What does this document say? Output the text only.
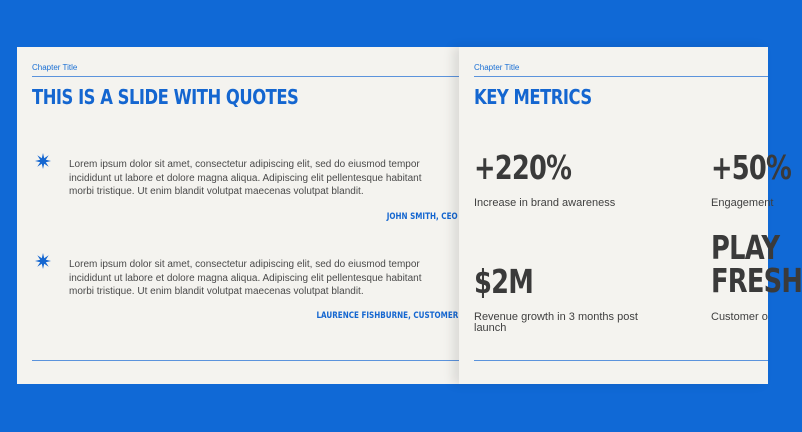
Chapter Title
THIS IS A SLIDE WITH QUOTES
Lorem ipsum dolor sit amet, consectetur adipiscing elit, sed do eiusmod tempor incididunt ut labore et dolore magna aliqua. Adipiscing elit pellentesque habitant morbi tristique. Ut enim blandit volutpat maecenas volutpat blandit.
JOHN SMITH, CEO
Lorem ipsum dolor sit amet, consectetur adipiscing elit, sed do eiusmod tempor incididunt ut labore et dolore magna aliqua. Adipiscing elit pellentesque habitant morbi tristique. Ut enim blandit volutpat maecenas volutpat blandit.
LAURENCE FISHBURNE, CUSTOMER
Chapter Title
KEY METRICS
+220%
Increase in brand awareness
+50%
Engagement
$2M
Revenue growth in 3 months post
launch
PLAY
FRESH
Customer o
